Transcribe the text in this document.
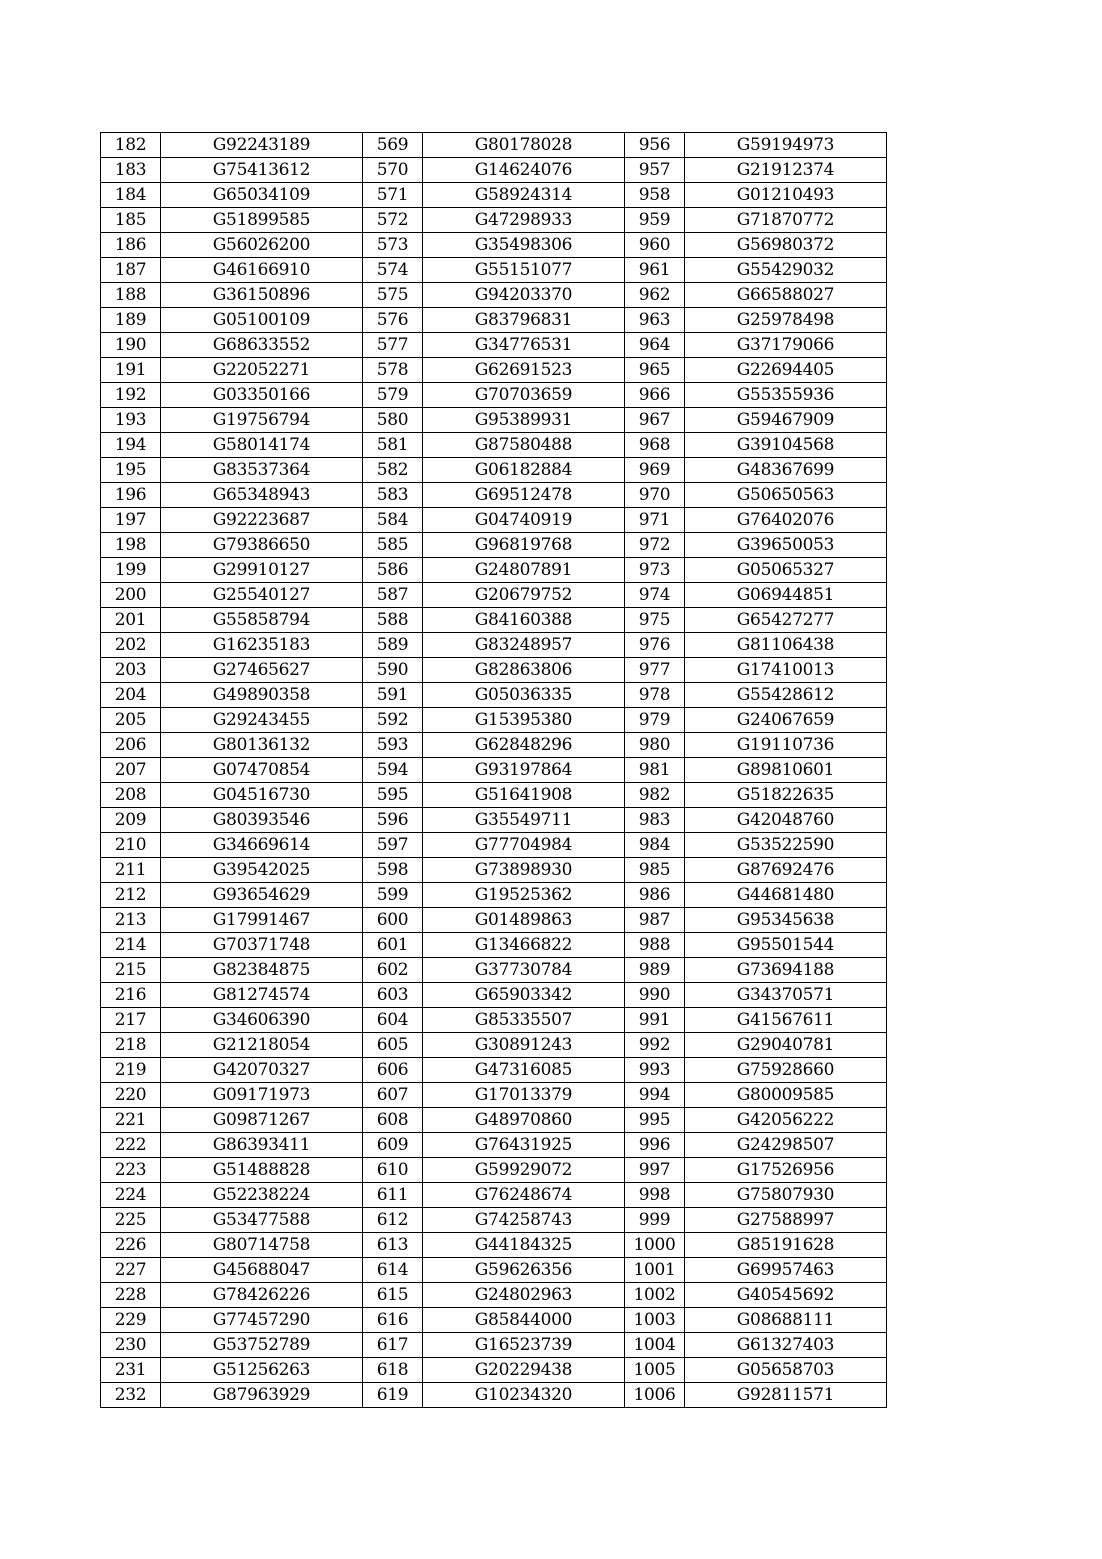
182	G92243189	569	G80178028	956	G59194973
183	G75413612	570	G14624076	957	G21912374
184	G65034109	571	G58924314	958	G01210493
185	G51899585	572	G47298933	959	G71870772
186	G56026200	573	G35498306	960	G56980372
187	G46166910	574	G55151077	961	G55429032
188	G36150896	575	G94203370	962	G66588027
189	G05100109	576	G83796831	963	G25978498
190	G68633552	577	G34776531	964	G37179066
191	G22052271	578	G62691523	965	G22694405
192	G03350166	579	G70703659	966	G55355936
193	G19756794	580	G95389931	967	G59467909
194	G58014174	581	G87580488	968	G39104568
195	G83537364	582	G06182884	969	G48367699
196	G65348943	583	G69512478	970	G50650563
197	G92223687	584	G04740919	971	G76402076
198	G79386650	585	G96819768	972	G39650053
199	G29910127	586	G24807891	973	G05065327
200	G25540127	587	G20679752	974	G06944851
201	G55858794	588	G84160388	975	G65427277
202	G16235183	589	G83248957	976	G81106438
203	G27465627	590	G82863806	977	G17410013
204	G49890358	591	G05036335	978	G55428612
205	G29243455	592	G15395380	979	G24067659
206	G80136132	593	G62848296	980	G19110736
207	G07470854	594	G93197864	981	G89810601
208	G04516730	595	G51641908	982	G51822635
209	G80393546	596	G35549711	983	G42048760
210	G34669614	597	G77704984	984	G53522590
211	G39542025	598	G73898930	985	G87692476
212	G93654629	599	G19525362	986	G44681480
213	G17991467	600	G01489863	987	G95345638
214	G70371748	601	G13466822	988	G95501544
215	G82384875	602	G37730784	989	G73694188
216	G81274574	603	G65903342	990	G34370571
217	G34606390	604	G85335507	991	G41567611
218	G21218054	605	G30891243	992	G29040781
219	G42070327	606	G47316085	993	G75928660
220	G09171973	607	G17013379	994	G80009585
221	G09871267	608	G48970860	995	G42056222
222	G86393411	609	G76431925	996	G24298507
223	G51488828	610	G59929072	997	G17526956
224	G52238224	611	G76248674	998	G75807930
225	G53477588	612	G74258743	999	G27588997
226	G80714758	613	G44184325	1000	G85191628
227	G45688047	614	G59626356	1001	G69957463
228	G78426226	615	G24802963	1002	G40545692
229	G77457290	616	G85844000	1003	G08688111
230	G53752789	617	G16523739	1004	G61327403
231	G51256263	618	G20229438	1005	G05658703
232	G87963929	619	G10234320	1006	G92811571
